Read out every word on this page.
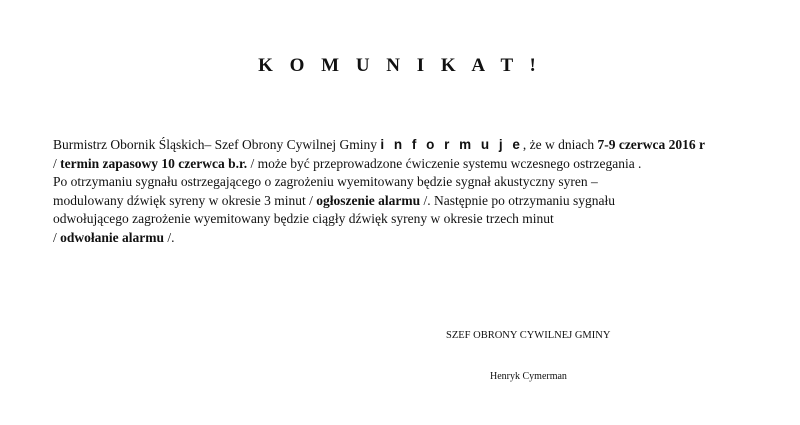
K O M U N I K A T !
Burmistrz Obornik Śląskich– Szef Obrony Cywilnej Gminy i n f o r m u j e, że w dniach 7-9 czerwca 2016 r
/ termin zapasowy 10 czerwca b.r. / może być przeprowadzone ćwiczenie systemu wczesnego ostrzegania .
Po otrzymaniu sygnału ostrzegającego o zagrożeniu wyemitowany będzie sygnał akustyczny syren –
modulowany dźwięk syreny w okresie 3 minut / ogłoszenie alarmu /. Następnie po otrzymaniu sygnału
odwołującego zagrożenie wyemitowany będzie ciągły dźwięk syreny w okresie trzech minut
/ odwołanie alarmu /.
SZEF OBRONY CYWILNEJ GMINY
Henryk Cymerman
